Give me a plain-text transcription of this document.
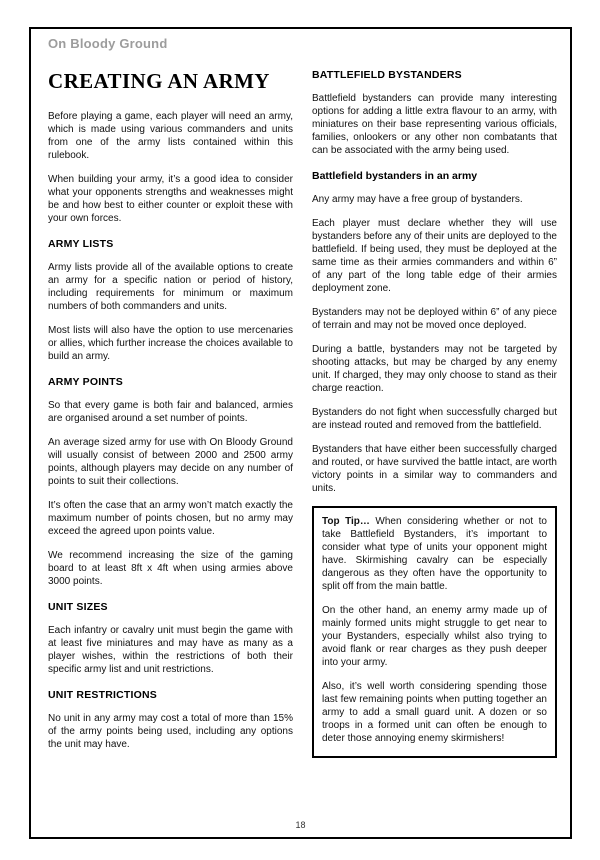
On Bloody Ground
CREATING AN ARMY

Before playing a game, each player will need an army, which is made using various commanders and units from one of the army lists contained within this rulebook.

When building your army, it’s a good idea to consider what your opponents strengths and weaknesses might be and how best to either counter or exploit these with your own forces.

ARMY LISTS

Army lists provide all of the available options to create an army for a specific nation or period of history, including requirements for minimum or maximum numbers of both commanders and units.

Most lists will also have the option to use mercenaries or allies, which further increase the choices available to build an army.

ARMY POINTS

So that every game is both fair and balanced, armies are organised around a set number of points.

An average sized army for use with On Bloody Ground will usually consist of between 2000 and 2500 army points, although players may decide on any number of points to suit their collections.

It’s often the case that an army won’t match exactly the maximum number of points chosen, but no army may exceed the agreed upon points value.

We recommend increasing the size of the gaming board to at least 8ft x 4ft when using armies above 3000 points.

UNIT SIZES

Each infantry or cavalry unit must begin the game with at least five miniatures and may have as many as a player wishes, within the restrictions of both their specific army list and unit restrictions.

UNIT RESTRICTIONS

No unit in any army may cost a total of more than 15% of the army points being used, including any options the unit may have.

BATTLEFIELD BYSTANDERS

Battlefield bystanders can provide many interesting options for adding a little extra flavour to an army, with miniatures on their base representing various officials, families, onlookers or any other non combatants that can be associated with the army being used.

Battlefield bystanders in an army

Any army may have a free group of bystanders.

Each player must declare whether they will use bystanders before any of their units are deployed to the battlefield. If being used, they must be deployed at the same time as their armies commanders and within 6” of any part of the long table edge of their armies deployment zone.

Bystanders may not be deployed within 6” of any piece of terrain and may not be moved once deployed.

During a battle, bystanders may not be targeted by shooting attacks, but may be charged by any enemy unit. If charged, they may only choose to stand as their charge reaction.

Bystanders do not fight when successfully charged but are instead routed and removed from the battlefield.

Bystanders that have either been successfully charged and routed, or have survived the battle intact, are worth victory points in a similar way to commanders and units.

Top Tip… When considering whether or not to take Battlefield Bystanders, it’s important to consider what type of units your opponent might have. Skirmishing cavalry can be especially dangerous as they often have the opportunity to split off from the main battle.

On the other hand, an enemy army made up of mainly formed units might struggle to get near to your Bystanders, especially whilst also trying to avoid flank or rear charges as they push deeper into your army.

Also, it’s well worth considering spending those last few remaining points when putting together an army to add a small guard unit. A dozen or so troops in a formed unit can often be enough to deter those annoying enemy skirmishers!

18
